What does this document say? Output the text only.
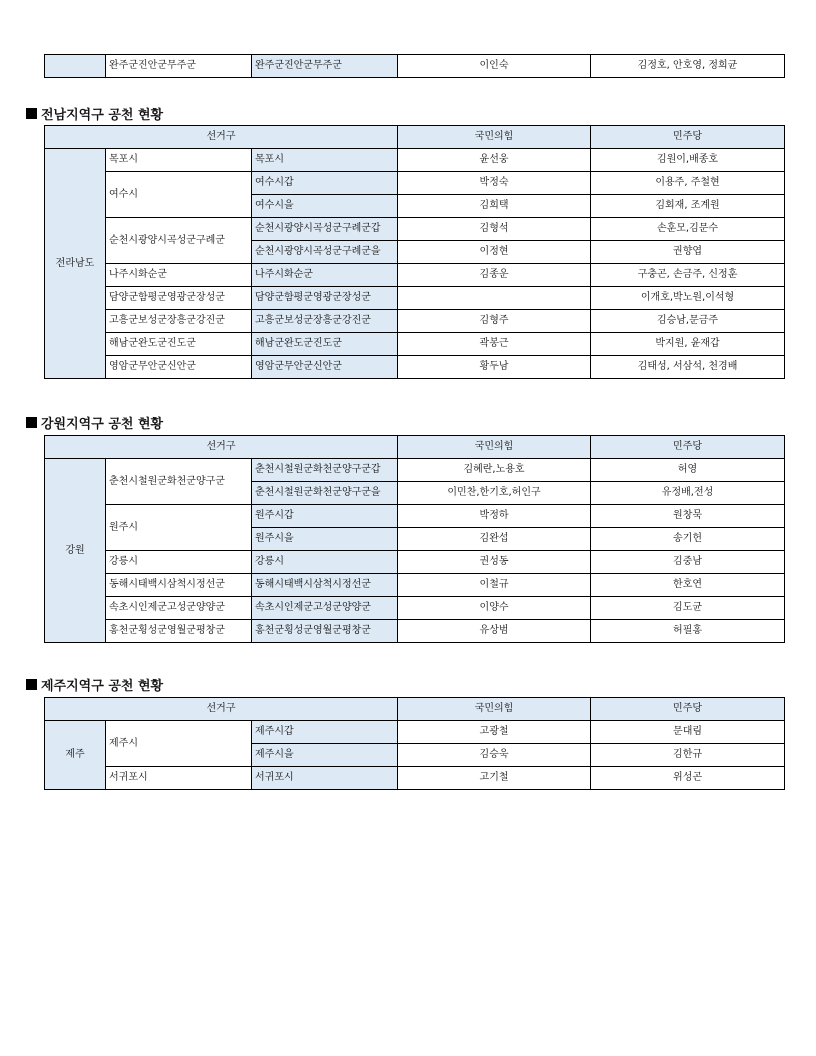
	완주군진안군무주군	완주군진안군무주군	이인숙	김정호, 안호영, 정희균
전남지역구 공천 현황
선거구			국민의힘	민주당
전라남도	목포시	목포시	윤선웅	김원이,배종호
	여수시	여수시갑	박정숙	이용주, 주철현
		여수시을	김희택	김회재, 조계원
	순천시광양시곡성군구례군	순천시광양시곡성군구례군갑	김형석	손훈모,김문수
		순천시광양시곡성군구례군을	이정현	권향엽
	나주시화순군	나주시화순군	김종운	구충곤, 손금주, 신정훈
	담양군함평군영광군장성군	담양군함평군영광군장성군		이개호,박노원,이석형
	고흥군보성군장흥군강진군	고흥군보성군장흥군강진군	김형주	김승남,문금주
	해남군완도군진도군	해남군완도군진도군	곽봉근	박지원, 윤재갑
	영암군무안군신안군	영암군무안군신안군	황두남	김태성, 서삼석, 천경배
강원지역구 공천 현황
선거구			국민의힘	민주당
강원	춘천시철원군화천군양구군	춘천시철원군화천군양구군갑	김혜란,노용호	허영
		춘천시철원군화천군양구군을	이민찬,한기호,허인구	유정배,전성
	원주시	원주시갑	박정하	원창묵
		원주시을	김완섭	송기헌
	강릉시	강릉시	권성동	김중남
	동해시태백시삼척시정선군	동해시태백시삼척시정선군	이철규	한호연
	속초시인제군고성군양양군	속초시인제군고성군양양군	이양수	김도균
	홍천군횡성군영월군평창군	홍천군횡성군영월군평창군	유상범	허필홍
제주지역구 공천 현황
선거구			국민의힘	민주당
제주	제주시	제주시갑	고광철	문대림
		제주시을	김승욱	김한규
	서귀포시	서귀포시	고기철	위성곤
